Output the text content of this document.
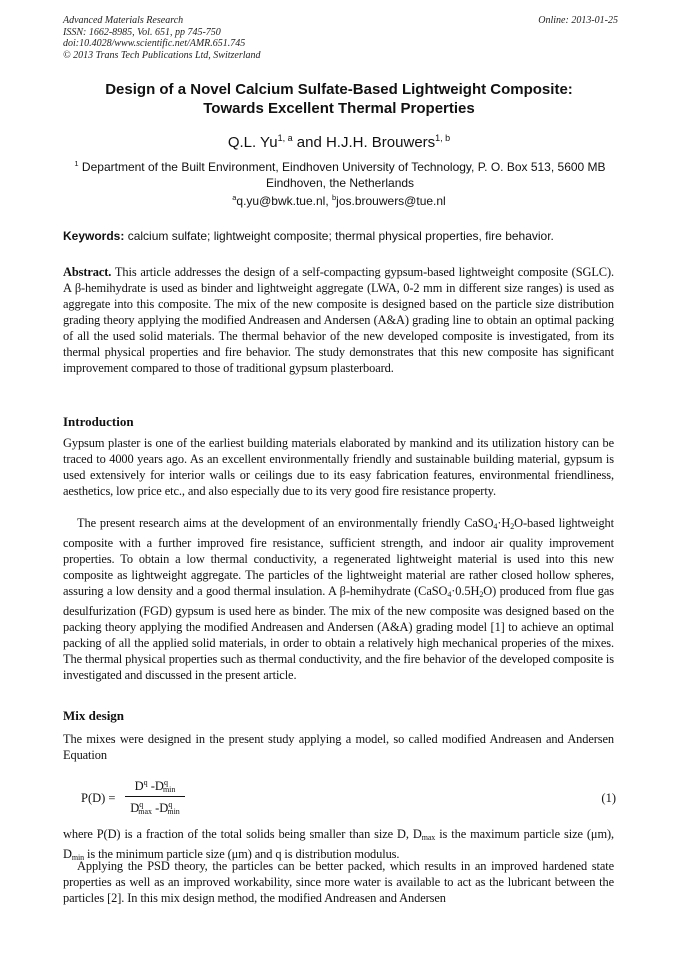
Advanced Materials Research
ISSN: 1662-8985, Vol. 651, pp 745-750
doi:10.4028/www.scientific.net/AMR.651.745
© 2013 Trans Tech Publications Ltd, Switzerland
Online: 2013-01-25
Design of a Novel Calcium Sulfate-Based Lightweight Composite:
Towards Excellent Thermal Properties
Q.L. Yu$^{1, a}$ and H.J.H. Brouwers$^{1, b}$
$^1$ Department of the Built Environment, Eindhoven University of Technology, P. O. Box 513, 5600 MB
Eindhoven, the Netherlands
$^a$q.yu@bwk.tue.nl, $^b$jos.brouwers@tue.nl
Keywords: calcium sulfate; lightweight composite; thermal physical properties, fire behavior.
Abstract. This article addresses the design of a self-compacting gypsum-based lightweight composite (SGLC). A β-hemihydrate is used as binder and lightweight aggregate (LWA, 0-2 mm in different size ranges) is used as aggregate into this composite. The mix of the new composite is designed based on the particle size distribution grading theory applying the modified Andreasen and Andersen (A&A) grading line to obtain an optimal packing of all the used solid materials. The thermal behavior of the new developed composite is investigated, from its thermal physical properties and fire behavior. The study demonstrates that this new composite has significant improvement compared to those of traditional gypsum plasterboard.
Introduction
Gypsum plaster is one of the earliest building materials elaborated by mankind and its utilization history can be traced to 4000 years ago. As an excellent environmentally friendly and sustainable building material, gypsum is used extensively for interior walls or ceilings due to its easy fabrication features, environmental friendliness, aesthetics, low price etc., and also especially due to its very good fire resistance property.
The present research aims at the development of an environmentally friendly $CaSO_4\cdot H_2O$-based lightweight composite with a further improved fire resistance, sufficient strength, and indoor air quality improvement properties. To obtain a low thermal conductivity, a regenerated lightweight material is used into this new composite as lightweight aggregate. The particles of the lightweight material are rather closed hollow spheres, assuring a low density and a good thermal insulation. A β-hemihydrate $(CaSO_4\cdot 0.5H_2O)$ produced from flue gas desulfurization (FGD) gypsum is used here as binder. The mix of the new composite was designed based on the packing theory applying the modified Andreasen and Andersen (A&A) grading model [1] to achieve an optimal packing of all the applied solid materials, in order to obtain a relatively high mechanical properies of the mixes. The thermal physical properties such as thermal conductivity, and the fire behavior of the developed composite is investigated and discussed in the present article.
Mix design
The mixes were designed in the present study applying a model, so called modified Andreasen and Andersen Equation
P(D) =
$D^q$ $-D^q_{min}$
$D^q_{max}$ $-D^q_{min}$
(1)
where P(D) is a fraction of the total solids being smaller than size D, $D_{max}$ is the maximum particle size (μm), $D_{min}$ is the minimum particle size (μm) and q is distribution modulus.
Applying the PSD theory, the particles can be better packed, which results in an improved hardened state properties as well as an improved workability, since more water is available to act as the lubricant between the particles [2]. In this mix design method, the modified Andreasen and Andersen
